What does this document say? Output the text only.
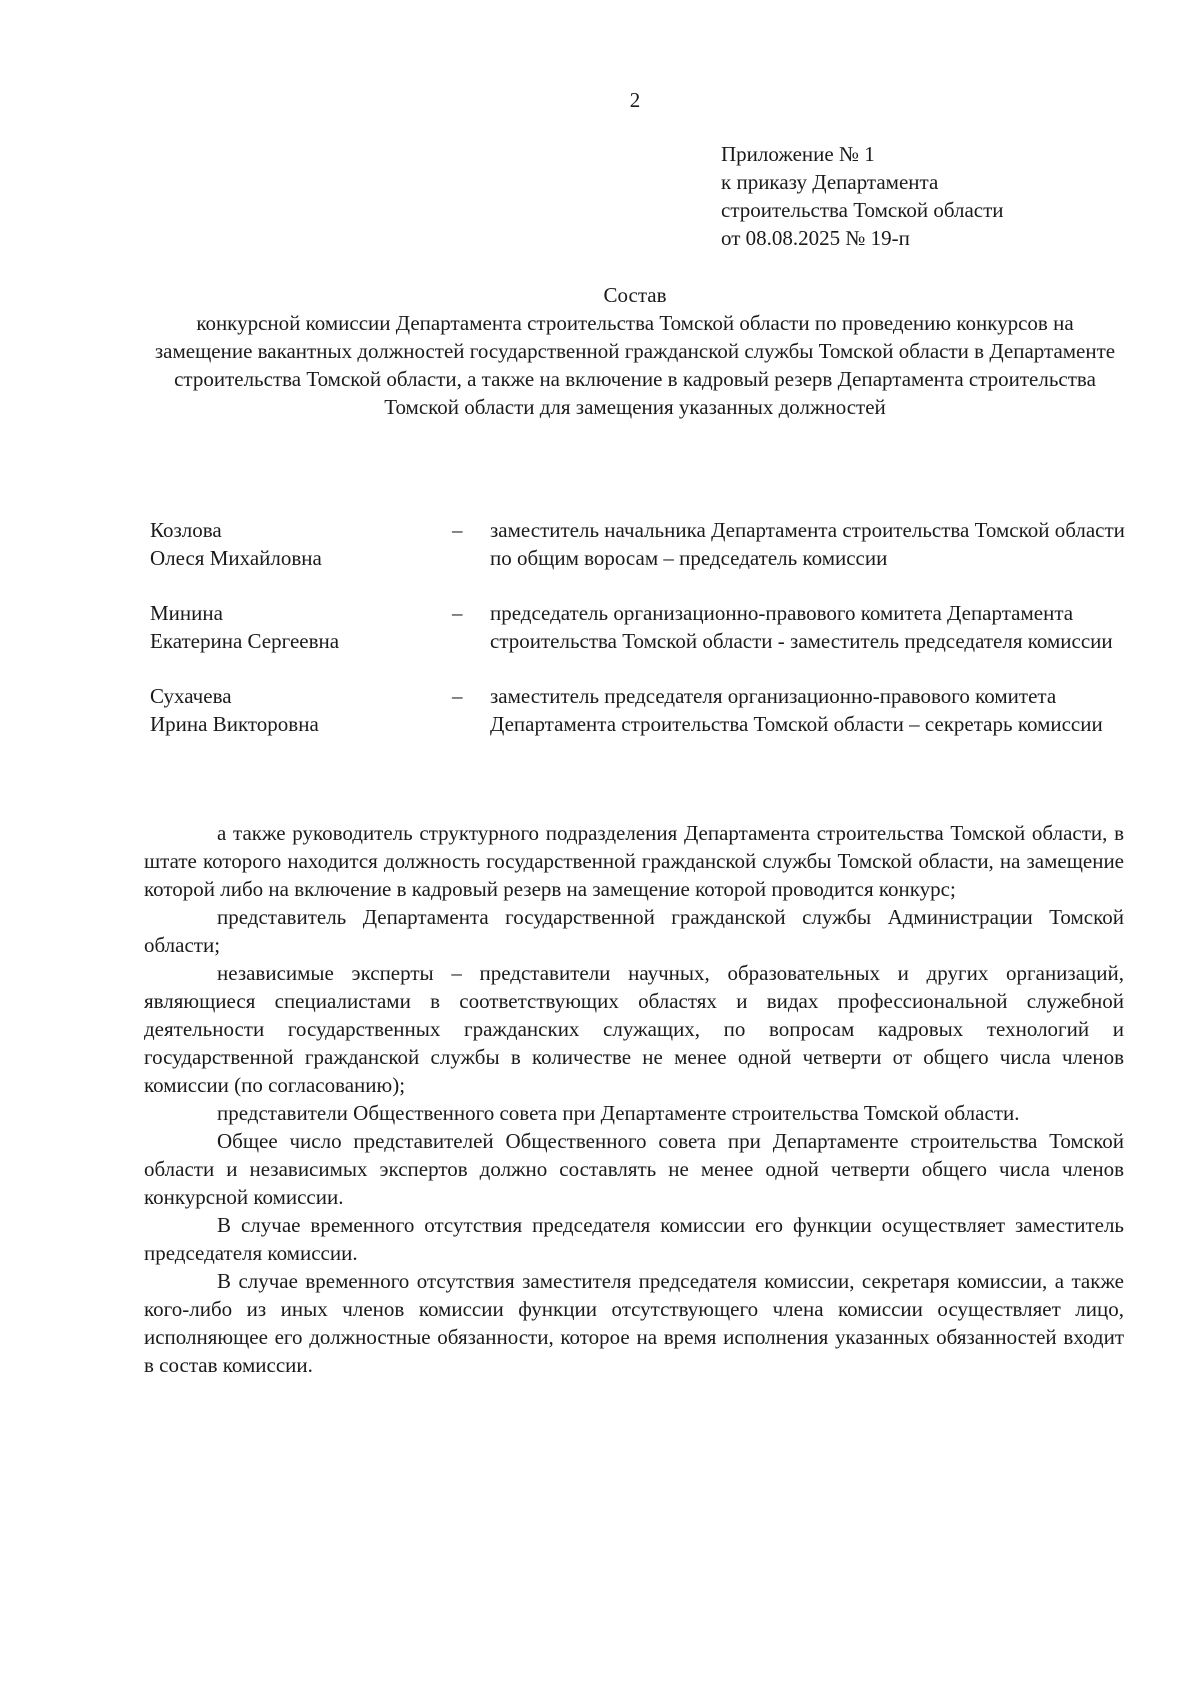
2
Приложение № 1
к приказу Департамента
строительства Томской области
от 08.08.2025 № 19-п
Состав
конкурсной комиссии Департамента строительства Томской области по проведению конкурсов на замещение вакантных должностей государственной гражданской службы Томской области в Департаменте строительства Томской области, а также на включение в кадровый резерв Департамента строительства Томской области для замещения указанных должностей
Козлова
Олеся Михайловна
–	заместитель начальника Департамента строительства Томской области по общим воросам – председатель комиссии
Минина
Екатерина Сергеевна
–	председатель организационно-правового комитета Департамента строительства Томской области - заместитель председателя комиссии
Сухачева
Ирина Викторовна
–	заместитель председателя организационно-правового комитета Департамента строительства Томской области – секретарь комиссии

а также руководитель структурного подразделения Департамента строительства Томской области, в штате которого находится должность государственной гражданской службы Томской области, на замещение которой либо на включение в кадровый резерв на замещение которой проводится конкурс;

представитель Департамента государственной гражданской службы Администрации Томской области;

независимые эксперты – представители научных, образовательных и других организаций, являющиеся специалистами в соответствующих областях и видах профессиональной служебной деятельности государственных гражданских служащих, по вопросам кадровых технологий и государственной гражданской службы в количестве не менее одной четверти от общего числа членов комиссии (по согласованию);

представители Общественного совета при Департаменте строительства Томской области.

Общее число представителей Общественного совета при Департаменте строительства Томской области и независимых экспертов должно составлять не менее одной четверти общего числа членов конкурсной комиссии.

В случае временного отсутствия председателя комиссии его функции осуществляет заместитель председателя комиссии.

В случае временного отсутствия заместителя председателя комиссии, секретаря комиссии, а также кого-либо из иных членов комиссии функции отсутствующего члена комиссии осуществляет лицо, исполняющее его должностные обязанности, которое на время исполнения указанных обязанностей входит в состав комиссии.
